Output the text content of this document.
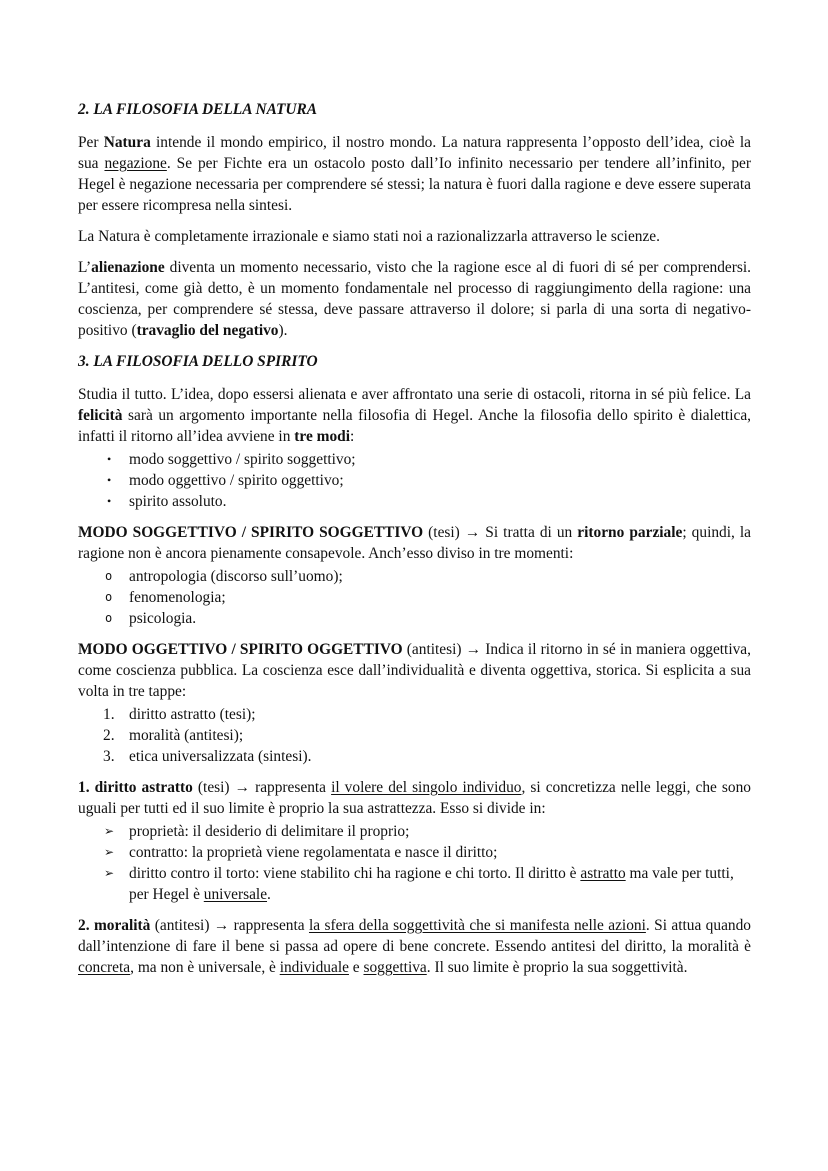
2. LA FILOSOFIA DELLA NATURA

Per Natura intende il mondo empirico, il nostro mondo. La natura rappresenta l’opposto dell’idea, cioè la sua negazione. Se per Fichte era un ostacolo posto dall’Io infinito necessario per tendere all’infinito, per Hegel è negazione necessaria per comprendere sé stessi; la natura è fuori dalla ragione e deve essere superata per essere ricompresa nella sintesi.

La Natura è completamente irrazionale e siamo stati noi a razionalizzarla attraverso le scienze.

L’alienazione diventa un momento necessario, visto che la ragione esce al di fuori di sé per comprendersi. L’antitesi, come già detto, è un momento fondamentale nel processo di raggiungimento della ragione: una coscienza, per comprendere sé stessa, deve passare attraverso il dolore; si parla di una sorta di negativo-positivo (travaglio del negativo).

3. LA FILOSOFIA DELLO SPIRITO

Studia il tutto. L’idea, dopo essersi alienata e aver affrontato una serie di ostacoli, ritorna in sé più felice. La felicità sarà un argomento importante nella filosofia di Hegel. Anche la filosofia dello spirito è dialettica, infatti il ritorno all’idea avviene in tre modi:

•	modo soggettivo / spirito soggettivo;
•	modo oggettivo / spirito oggettivo;
•	spirito assoluto.

MODO SOGGETTIVO / SPIRITO SOGGETTIVO (tesi) → Si tratta di un ritorno parziale; quindi, la ragione non è ancora pienamente consapevole. Anch’esso diviso in tre momenti:

o	antropologia (discorso sull’uomo);
o	fenomenologia;
o	psicologia.

MODO OGGETTIVO / SPIRITO OGGETTIVO (antitesi) → Indica il ritorno in sé in maniera oggettiva, come coscienza pubblica. La coscienza esce dall’individualità e diventa oggettiva, storica. Si esplicita a sua volta in tre tappe:

1. diritto astratto (tesi);
2. moralità (antitesi);
3. etica universalizzata (sintesi).

1. diritto astratto (tesi) → rappresenta il volere del singolo individuo, si concretizza nelle leggi, che sono uguali per tutti ed il suo limite è proprio la sua astrattezza. Esso si divide in:

➢ proprietà: il desiderio di delimitare il proprio;
➢ contratto: la proprietà viene regolamentata e nasce il diritto;
➢ diritto contro il torto: viene stabilito chi ha ragione e chi torto. Il diritto è astratto ma vale per tutti, per Hegel è universale.

2. moralità (antitesi) → rappresenta la sfera della soggettività che si manifesta nelle azioni. Si attua quando dall’intenzione di fare il bene si passa ad opere di bene concrete. Essendo antitesi del diritto, la moralità è concreta, ma non è universale, è individuale e soggettiva. Il suo limite è proprio la sua soggettività.
